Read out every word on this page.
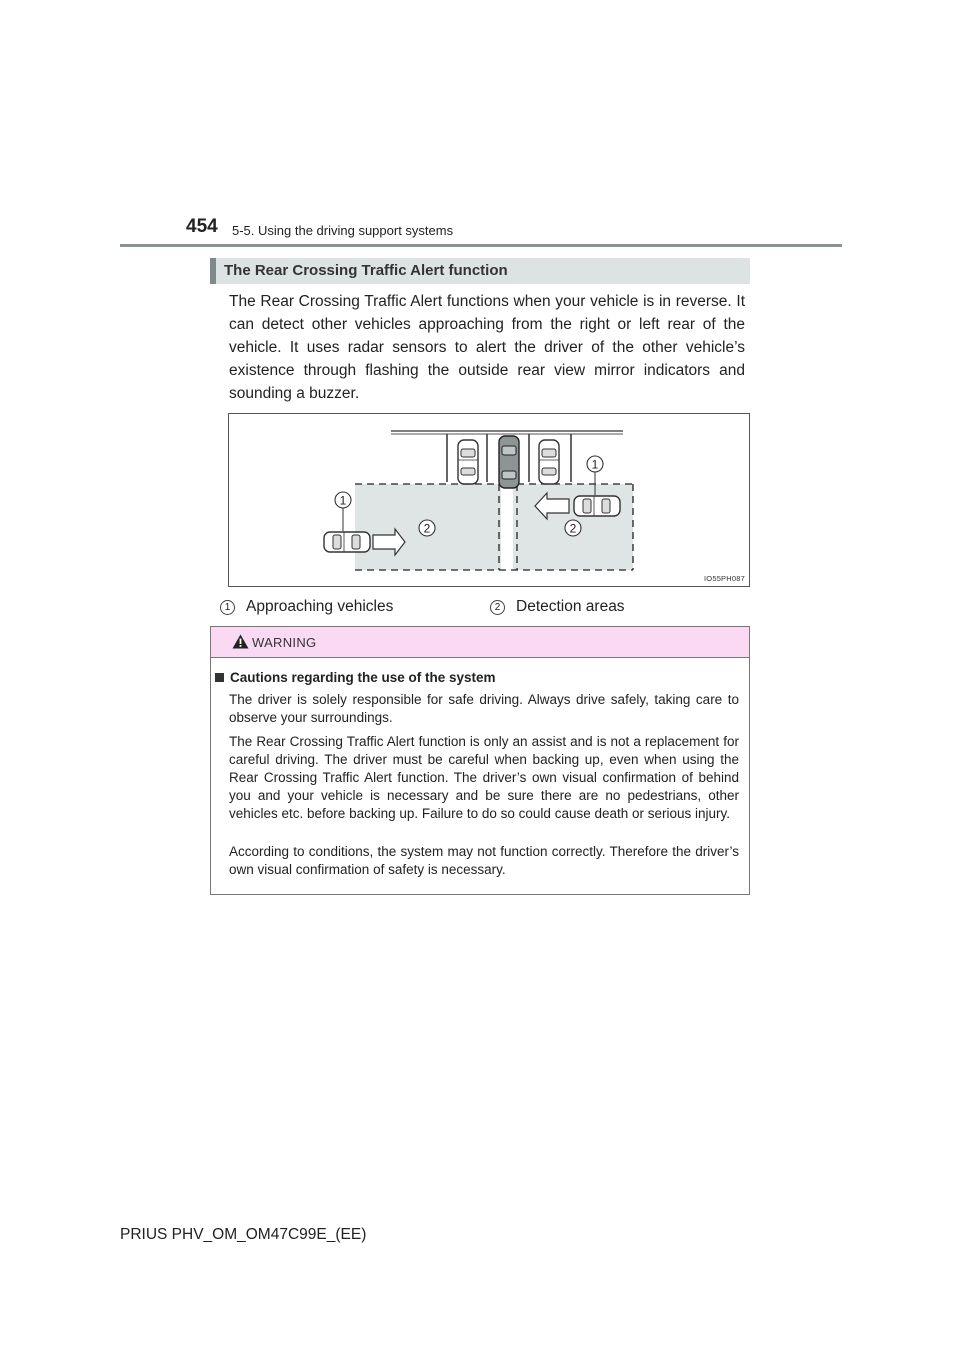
454 5-5. Using the driving support systems
The Rear Crossing Traffic Alert function
The Rear Crossing Traffic Alert functions when your vehicle is in reverse. It can detect other vehicles approaching from the right or left rear of the vehicle. It uses radar sensors to alert the driver of the other vehicle’s existence through flashing the outside rear view mirror indicators and sounding a buzzer.
1
1
2	2
IO55PH087
1	Approaching vehicles	2	Detection areas
WARNING
Cautions regarding the use of the system
The driver is solely responsible for safe driving. Always drive safely, taking care to observe your surroundings.
The Rear Crossing Traffic Alert function is only an assist and is not a replacement for careful driving. The driver must be careful when backing up, even when using the Rear Crossing Traffic Alert function. The driver’s own visual confirmation of behind you and your vehicle is necessary and be sure there are no pedestrians, other vehicles etc. before backing up. Failure to do so could cause death or serious injury.
According to conditions, the system may not function correctly. Therefore the driver’s own visual confirmation of safety is necessary.
PRIUS PHV_OM_OM47C99E_(EE)
